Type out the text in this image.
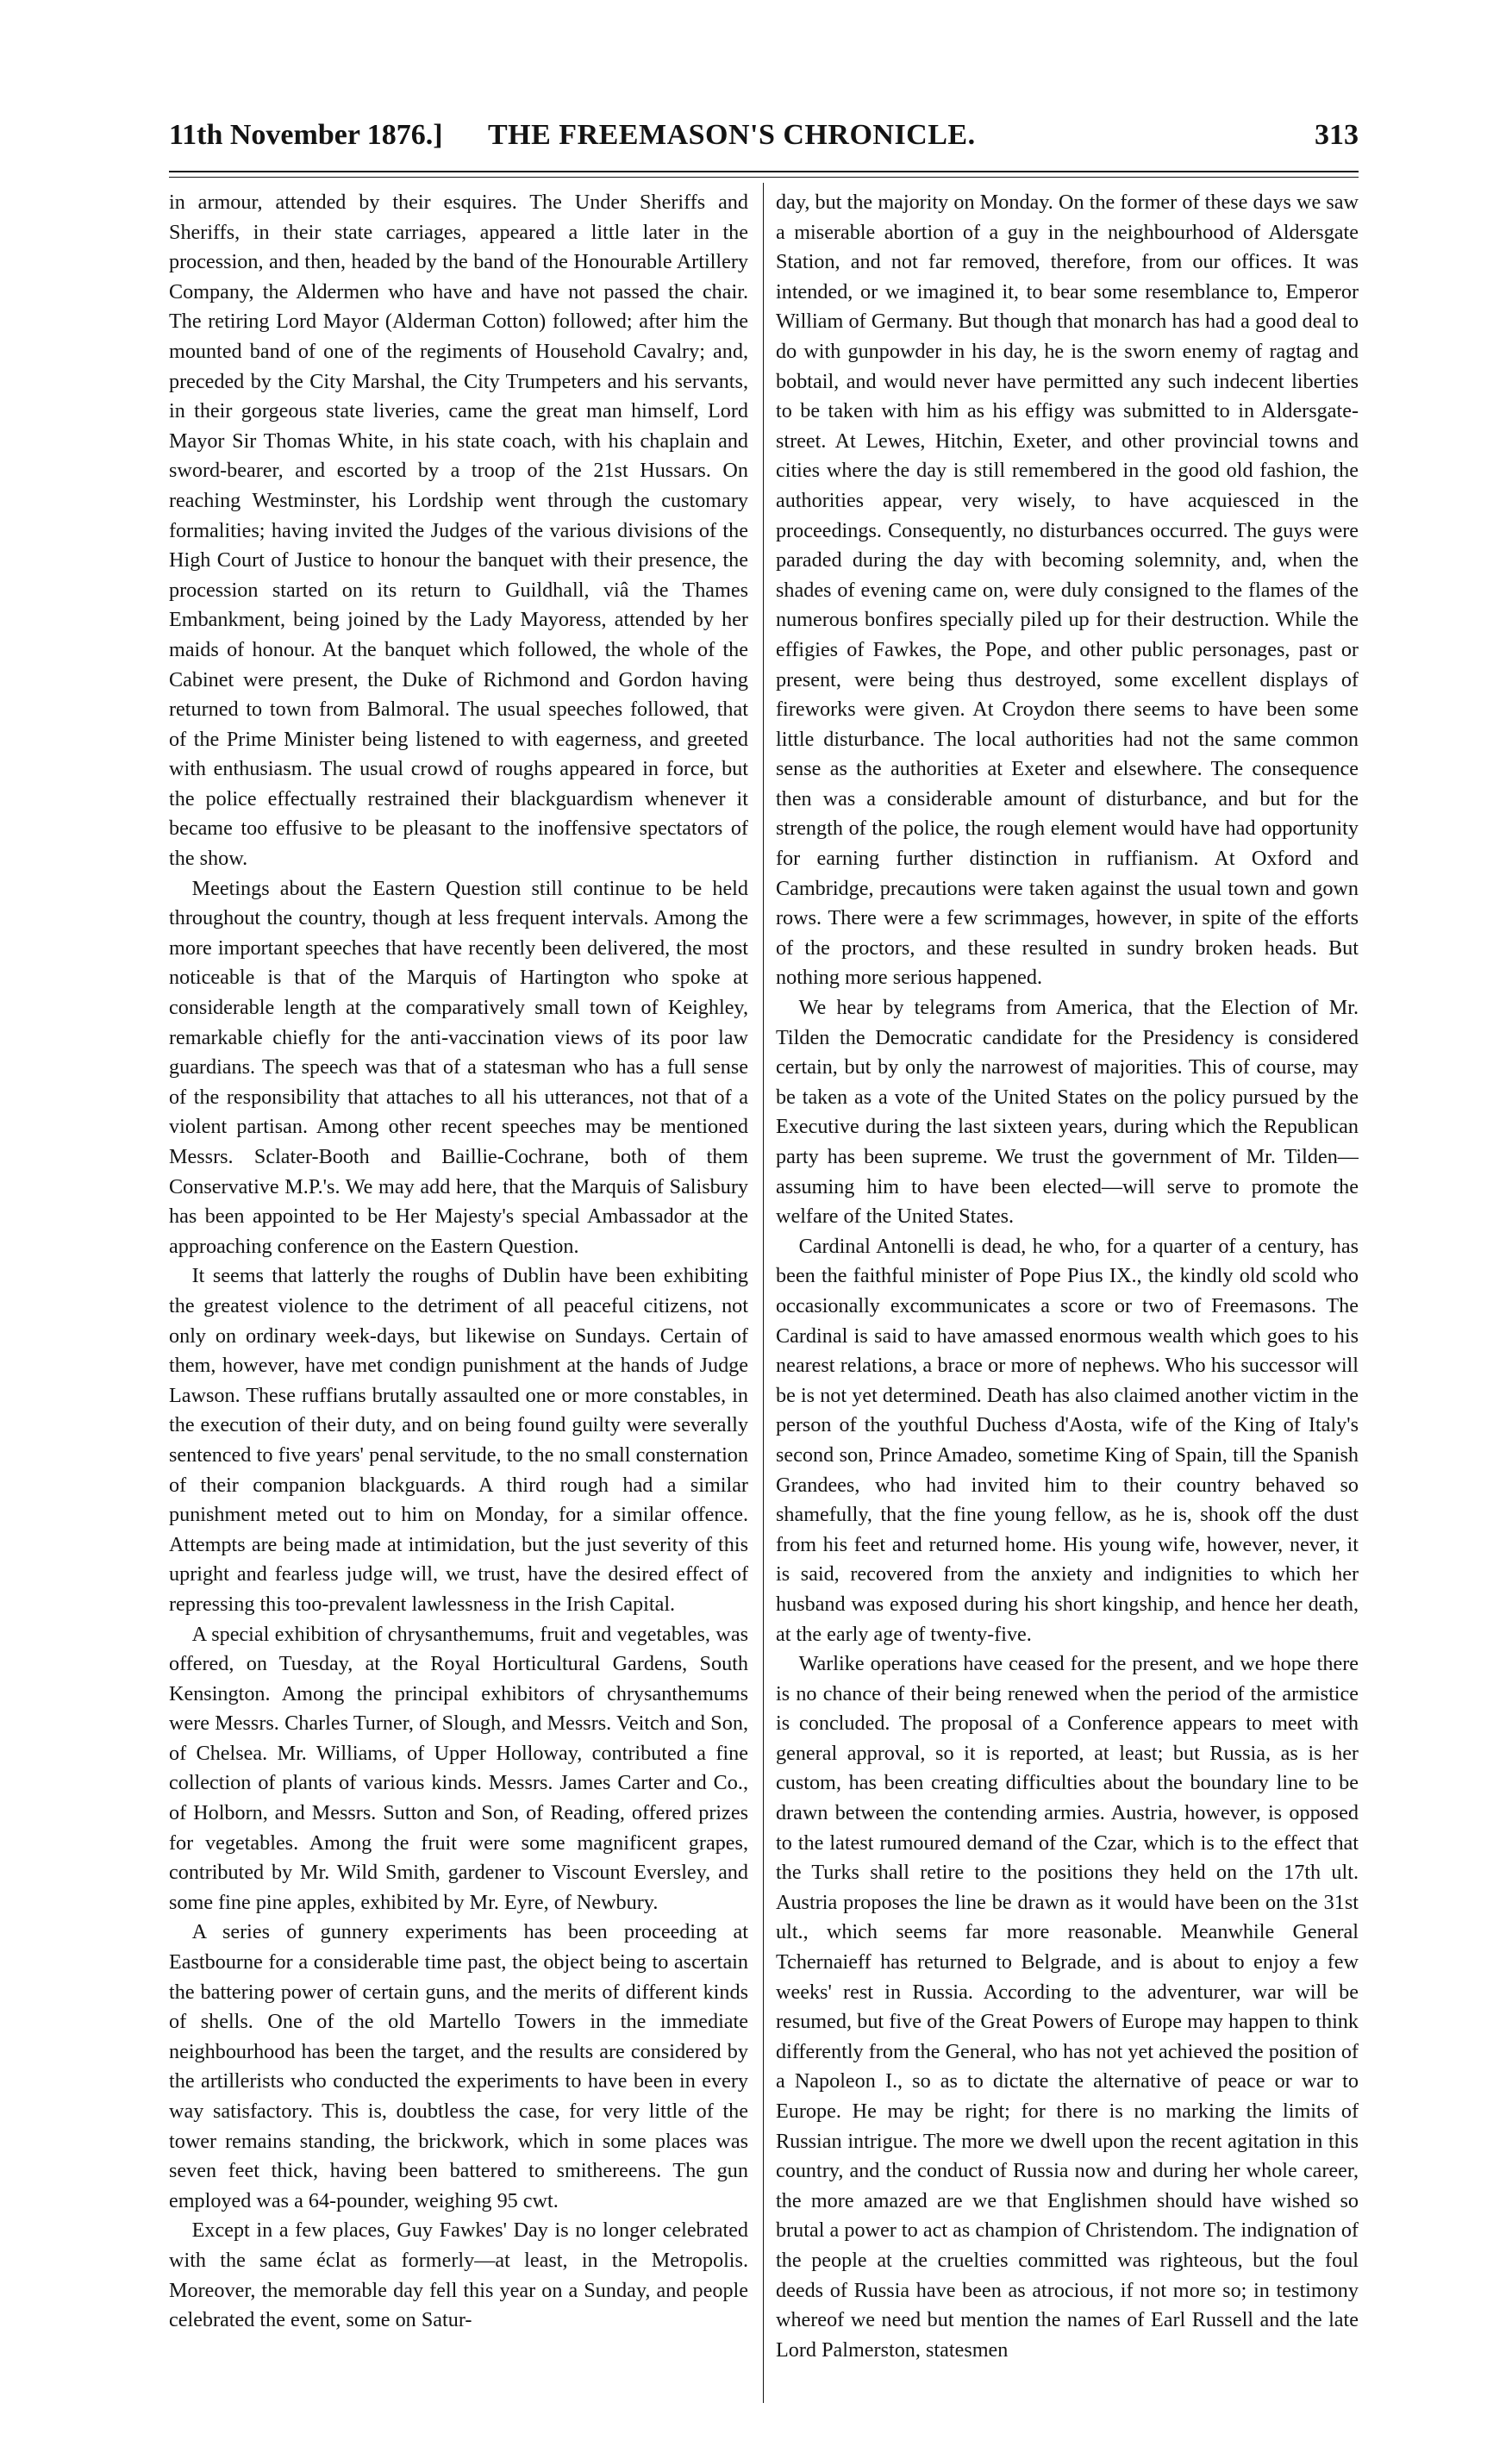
11th November 1876.] THE FREEMASON'S CHRONICLE.	313

in armour, attended by their esquires. The Under Sheriffs and Sheriffs, in their state carriages, appeared a little later in the procession, and then, headed by the band of the Honourable Artillery Company, the Aldermen who have and have not passed the chair. The retiring Lord Mayor (Alderman Cotton) followed; after him the mounted band of one of the regiments of Household Cavalry; and, preceded by the City Marshal, the City Trumpeters and his servants, in their gorgeous state liveries, came the great man himself, Lord Mayor Sir Thomas White, in his state coach, with his chaplain and sword-bearer, and escorted by a troop of the 21st Hussars. On reaching Westminster, his Lordship went through the customary formalities; having invited the Judges of the various divisions of the High Court of Justice to honour the banquet with their presence, the procession started on its return to Guildhall, viâ the Thames Embankment, being joined by the Lady Mayoress, attended by her maids of honour. At the banquet which followed, the whole of the Cabinet were present, the Duke of Richmond and Gordon having returned to town from Balmoral. The usual speeches followed, that of the Prime Minister being listened to with eagerness, and greeted with enthusiasm. The usual crowd of roughs appeared in force, but the police effectually restrained their blackguardism whenever it became too effusive to be pleasant to the inoffensive spectators of the show.

Meetings about the Eastern Question still continue to be held throughout the country, though at less frequent intervals. Among the more important speeches that have recently been delivered, the most noticeable is that of the Marquis of Hartington who spoke at considerable length at the comparatively small town of Keighley, remarkable chiefly for the anti-vaccination views of its poor law guardians. The speech was that of a statesman who has a full sense of the responsibility that attaches to all his utterances, not that of a violent partisan. Among other recent speeches may be mentioned Messrs. Sclater-Booth and Baillie-Cochrane, both of them Conservative M.P.'s. We may add here, that the Marquis of Salisbury has been appointed to be Her Majesty's special Ambassador at the approaching conference on the Eastern Question.

It seems that latterly the roughs of Dublin have been exhibiting the greatest violence to the detriment of all peaceful citizens, not only on ordinary week-days, but likewise on Sundays. Certain of them, however, have met condign punishment at the hands of Judge Lawson. These ruffians brutally assaulted one or more constables, in the execution of their duty, and on being found guilty were severally sentenced to five years' penal servitude, to the no small consternation of their companion blackguards. A third rough had a similar punishment meted out to him on Monday, for a similar offence. Attempts are being made at intimidation, but the just severity of this upright and fearless judge will, we trust, have the desired effect of repressing this too-prevalent lawlessness in the Irish Capital.

A special exhibition of chrysanthemums, fruit and vegetables, was offered, on Tuesday, at the Royal Horticultural Gardens, South Kensington. Among the principal exhibitors of chrysanthemums were Messrs. Charles Turner, of Slough, and Messrs. Veitch and Son, of Chelsea. Mr. Williams, of Upper Holloway, contributed a fine collection of plants of various kinds. Messrs. James Carter and Co., of Holborn, and Messrs. Sutton and Son, of Reading, offered prizes for vegetables. Among the fruit were some magnificent grapes, contributed by Mr. Wild Smith, gardener to Viscount Eversley, and some fine pine apples, exhibited by Mr. Eyre, of Newbury.

A series of gunnery experiments has been proceeding at Eastbourne for a considerable time past, the object being to ascertain the battering power of certain guns, and the merits of different kinds of shells. One of the old Martello Towers in the immediate neighbourhood has been the target, and the results are considered by the artillerists who conducted the experiments to have been in every way satisfactory. This is, doubtless the case, for very little of the tower remains standing, the brickwork, which in some places was seven feet thick, having been battered to smithereens. The gun employed was a 64-pounder, weighing 95 cwt.

Except in a few places, Guy Fawkes' Day is no longer celebrated with the same éclat as formerly—at least, in the Metropolis. Moreover, the memorable day fell this year on a Sunday, and people celebrated the event, some on Satur-

day, but the majority on Monday. On the former of these days we saw a miserable abortion of a guy in the neighbourhood of Aldersgate Station, and not far removed, therefore, from our offices. It was intended, or we imagined it, to bear some resemblance to, Emperor William of Germany. But though that monarch has had a good deal to do with gunpowder in his day, he is the sworn enemy of ragtag and bobtail, and would never have permitted any such indecent liberties to be taken with him as his effigy was submitted to in Aldersgate-street. At Lewes, Hitchin, Exeter, and other provincial towns and cities where the day is still remembered in the good old fashion, the authorities appear, very wisely, to have acquiesced in the proceedings. Consequently, no disturbances occurred. The guys were paraded during the day with becoming solemnity, and, when the shades of evening came on, were duly consigned to the flames of the numerous bonfires specially piled up for their destruction. While the effigies of Fawkes, the Pope, and other public personages, past or present, were being thus destroyed, some excellent displays of fireworks were given. At Croydon there seems to have been some little disturbance. The local authorities had not the same common sense as the authorities at Exeter and elsewhere. The consequence then was a considerable amount of disturbance, and but for the strength of the police, the rough element would have had opportunity for earning further distinction in ruffianism. At Oxford and Cambridge, precautions were taken against the usual town and gown rows. There were a few scrimmages, however, in spite of the efforts of the proctors, and these resulted in sundry broken heads. But nothing more serious happened.

We hear by telegrams from America, that the Election of Mr. Tilden the Democratic candidate for the Presidency is considered certain, but by only the narrowest of majorities. This of course, may be taken as a vote of the United States on the policy pursued by the Executive during the last sixteen years, during which the Republican party has been supreme. We trust the government of Mr. Tilden—assuming him to have been elected—will serve to promote the welfare of the United States.

Cardinal Antonelli is dead, he who, for a quarter of a century, has been the faithful minister of Pope Pius IX., the kindly old scold who occasionally excommunicates a score or two of Freemasons. The Cardinal is said to have amassed enormous wealth which goes to his nearest relations, a brace or more of nephews. Who his successor will be is not yet determined. Death has also claimed another victim in the person of the youthful Duchess d'Aosta, wife of the King of Italy's second son, Prince Amadeo, sometime King of Spain, till the Spanish Grandees, who had invited him to their country behaved so shamefully, that the fine young fellow, as he is, shook off the dust from his feet and returned home. His young wife, however, never, it is said, recovered from the anxiety and indignities to which her husband was exposed during his short kingship, and hence her death, at the early age of twenty-five.

Warlike operations have ceased for the present, and we hope there is no chance of their being renewed when the period of the armistice is concluded. The proposal of a Conference appears to meet with general approval, so it is reported, at least; but Russia, as is her custom, has been creating difficulties about the boundary line to be drawn between the contending armies. Austria, however, is opposed to the latest rumoured demand of the Czar, which is to the effect that the Turks shall retire to the positions they held on the 17th ult. Austria proposes the line be drawn as it would have been on the 31st ult., which seems far more reasonable. Meanwhile General Tchernaieff has returned to Belgrade, and is about to enjoy a few weeks' rest in Russia. According to the adventurer, war will be resumed, but five of the Great Powers of Europe may happen to think differently from the General, who has not yet achieved the position of a Napoleon I., so as to dictate the alternative of peace or war to Europe. He may be right; for there is no marking the limits of Russian intrigue. The more we dwell upon the recent agitation in this country, and the conduct of Russia now and during her whole career, the more amazed are we that Englishmen should have wished so brutal a power to act as champion of Christendom. The indignation of the people at the cruelties committed was righteous, but the foul deeds of Russia have been as atrocious, if not more so; in testimony whereof we need but mention the names of Earl Russell and the late Lord Palmerston, statesmen
